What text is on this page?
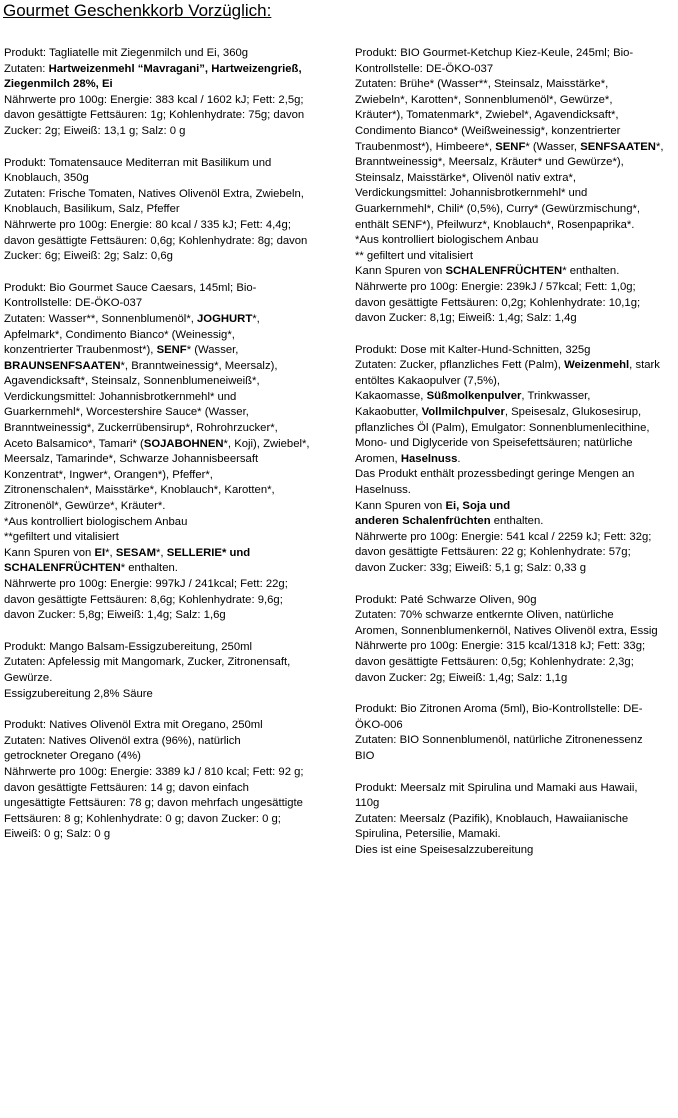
Gourmet Geschenkkorb Vorzüglich:
Produkt: Tagliatelle mit Ziegenmilch und Ei, 360g
Zutaten: Hartweizenmehl “Mavragani”, Hartweizengrieß,
Ziegenmilch 28%, Ei
Nährwerte pro 100g: Energie: 383 kcal / 1602 kJ; Fett: 2,5g;
davon gesättigte Fettsäuren: 1g; Kohlenhydrate: 75g; davon
Zucker: 2g; Eiweiß: 13,1 g; Salz: 0 g
Produkt: Tomatensauce Mediterran mit Basilikum und
Knoblauch, 350g
Zutaten: Frische Tomaten, Natives Olivenöl Extra, Zwiebeln,
Knoblauch, Basilikum, Salz, Pfeffer
Nährwerte pro 100g: Energie: 80 kcal / 335 kJ; Fett: 4,4g;
davon gesättigte Fettsäuren: 0,6g; Kohlenhydrate: 8g; davon
Zucker: 6g; Eiweiß: 2g; Salz: 0,6g
Produkt: Bio Gourmet Sauce Caesars, 145ml; Bio-
Kontrollstelle: DE-ÖKO-037
Zutaten: Wasser**, Sonnenblumenöl*, JOGHURT*,
Apfelmark*, Condimento Bianco* (Weinessig*,
konzentrierter Traubenmost*), SENF* (Wasser,
BRAUNSENFSAATEN*, Branntweinessig*, Meersalz),
Agavendicksaft*, Steinsalz, Sonnenblumeneiweiß*,
Verdickungsmittel: Johannisbrotkernmehl* und
Guarkernmehl*, Worcestershire Sauce* (Wasser,
Branntweinessig*, Zuckerrübensirup*, Rohrohrzucker*,
Aceto Balsamico*, Tamari* (SOJABOHNEN*, Koji), Zwiebel*,
Meersalz, Tamarinde*, Schwarze Johannisbeersaft
Konzentrat*, Ingwer*, Orangen*), Pfeffer*,
Zitronenschalen*, Maisstärke*, Knoblauch*, Karotten*,
Zitronenöl*, Gewürze*, Kräuter*.
*Aus kontrolliert biologischem Anbau
**gefiltert und vitalisiert
Kann Spuren von EI*, SESAM*, SELLERIE* und
SCHALENFRÜCHTEN* enthalten.
Nährwerte pro 100g: Energie: 997kJ / 241kcal; Fett: 22g;
davon gesättigte Fettsäuren: 8,6g; Kohlenhydrate: 9,6g;
davon Zucker: 5,8g; Eiweiß: 1,4g; Salz: 1,6g
Produkt: Mango Balsam-Essigzubereitung, 250ml
Zutaten: Apfelessig mit Mangomark, Zucker, Zitronensaft,
Gewürze.
Essigzubereitung 2,8% Säure
Produkt: Natives Olivenöl Extra mit Oregano, 250ml
Zutaten: Natives Olivenöl extra (96%), natürlich
getrockneter Oregano (4%)
Nährwerte pro 100g: Energie: 3389 kJ / 810 kcal; Fett: 92 g;
davon gesättigte Fettsäuren: 14 g; davon einfach
ungesättigte Fettsäuren: 78 g; davon mehrfach ungesättigte
Fettsäuren: 8 g; Kohlenhydrate: 0 g; davon Zucker: 0 g;
Eiweiß: 0 g; Salz: 0 g
Produkt: BIO Gourmet-Ketchup Kiez-Keule, 245ml; Bio-
Kontrollstelle: DE-ÖKO-037
Zutaten: Brühe* (Wasser**, Steinsalz, Maisstärke*,
Zwiebeln*, Karotten*, Sonnenblumenöl*, Gewürze*,
Kräuter*), Tomatenmark*, Zwiebel*, Agavendicksaft*,
Condimento Bianco* (Weißweinessig*, konzentrierter
Traubenmost*), Himbeere*, SENF* (Wasser, SENFSAATEN*,
Branntweinessig*, Meersalz, Kräuter* und Gewürze*),
Steinsalz, Maisstärke*, Olivenöl nativ extra*,
Verdickungsmittel: Johannisbrotkernmehl* und
Guarkernmehl*, Chili* (0,5%), Curry* (Gewürzmischung*,
enthält SENF*), Pfeilwurz*, Knoblauch*, Rosenpaprika*.
*Aus kontrolliert biologischem Anbau
** gefiltert und vitalisiert
Kann Spuren von SCHALENFRÜCHTEN* enthalten.
Nährwerte pro 100g: Energie: 239kJ / 57kcal; Fett: 1,0g;
davon gesättigte Fettsäuren: 0,2g; Kohlenhydrate: 10,1g;
davon Zucker: 8,1g; Eiweiß: 1,4g; Salz: 1,4g
Produkt: Dose mit Kalter-Hund-Schnitten, 325g
Zutaten: Zucker, pflanzliches Fett (Palm), Weizenmehl, stark
entöltes Kakaopulver (7,5%),
Kakaomasse, Süßmolkenpulver, Trinkwasser,
Kakaobutter, Vollmilchpulver, Speisesalz, Glukosesirup,
pflanzliches Öl (Palm), Emulgator: Sonnenblumenlecithine,
Mono- und Diglyceride von Speisefettsäuren; natürliche
Aromen, Haselnuss.
Das Produkt enthält prozessbedingt geringe Mengen an
Haselnuss.
Kann Spuren von Ei, Soja und
anderen Schalenfrüchten enthalten.
Nährwerte pro 100g: Energie: 541 kcal / 2259 kJ; Fett: 32g;
davon gesättigte Fettsäuren: 22 g; Kohlenhydrate: 57g;
davon Zucker: 33g; Eiweiß: 5,1 g; Salz: 0,33 g
Produkt: Paté Schwarze Oliven, 90g
Zutaten: 70% schwarze entkernte Oliven, natürliche
Aromen, Sonnenblumenkernöl, Natives Olivenöl extra, Essig
Nährwerte pro 100g: Energie: 315 kcal/1318 kJ; Fett: 33g;
davon gesättigte Fettsäuren: 0,5g; Kohlenhydrate: 2,3g;
davon Zucker: 2g; Eiweiß: 1,4g; Salz: 1,1g
Produkt: Bio Zitronen Aroma (5ml), Bio-Kontrollstelle: DE-
ÖKO-006
Zutaten: BIO Sonnenblumenöl, natürliche Zitronenessenz
BIO
Produkt: Meersalz mit Spirulina und Mamaki aus Hawaii,
110g
Zutaten: Meersalz (Pazifik), Knoblauch, Hawaiianische
Spirulina, Petersilie, Mamaki.
Dies ist eine Speisesalzzubereitung
